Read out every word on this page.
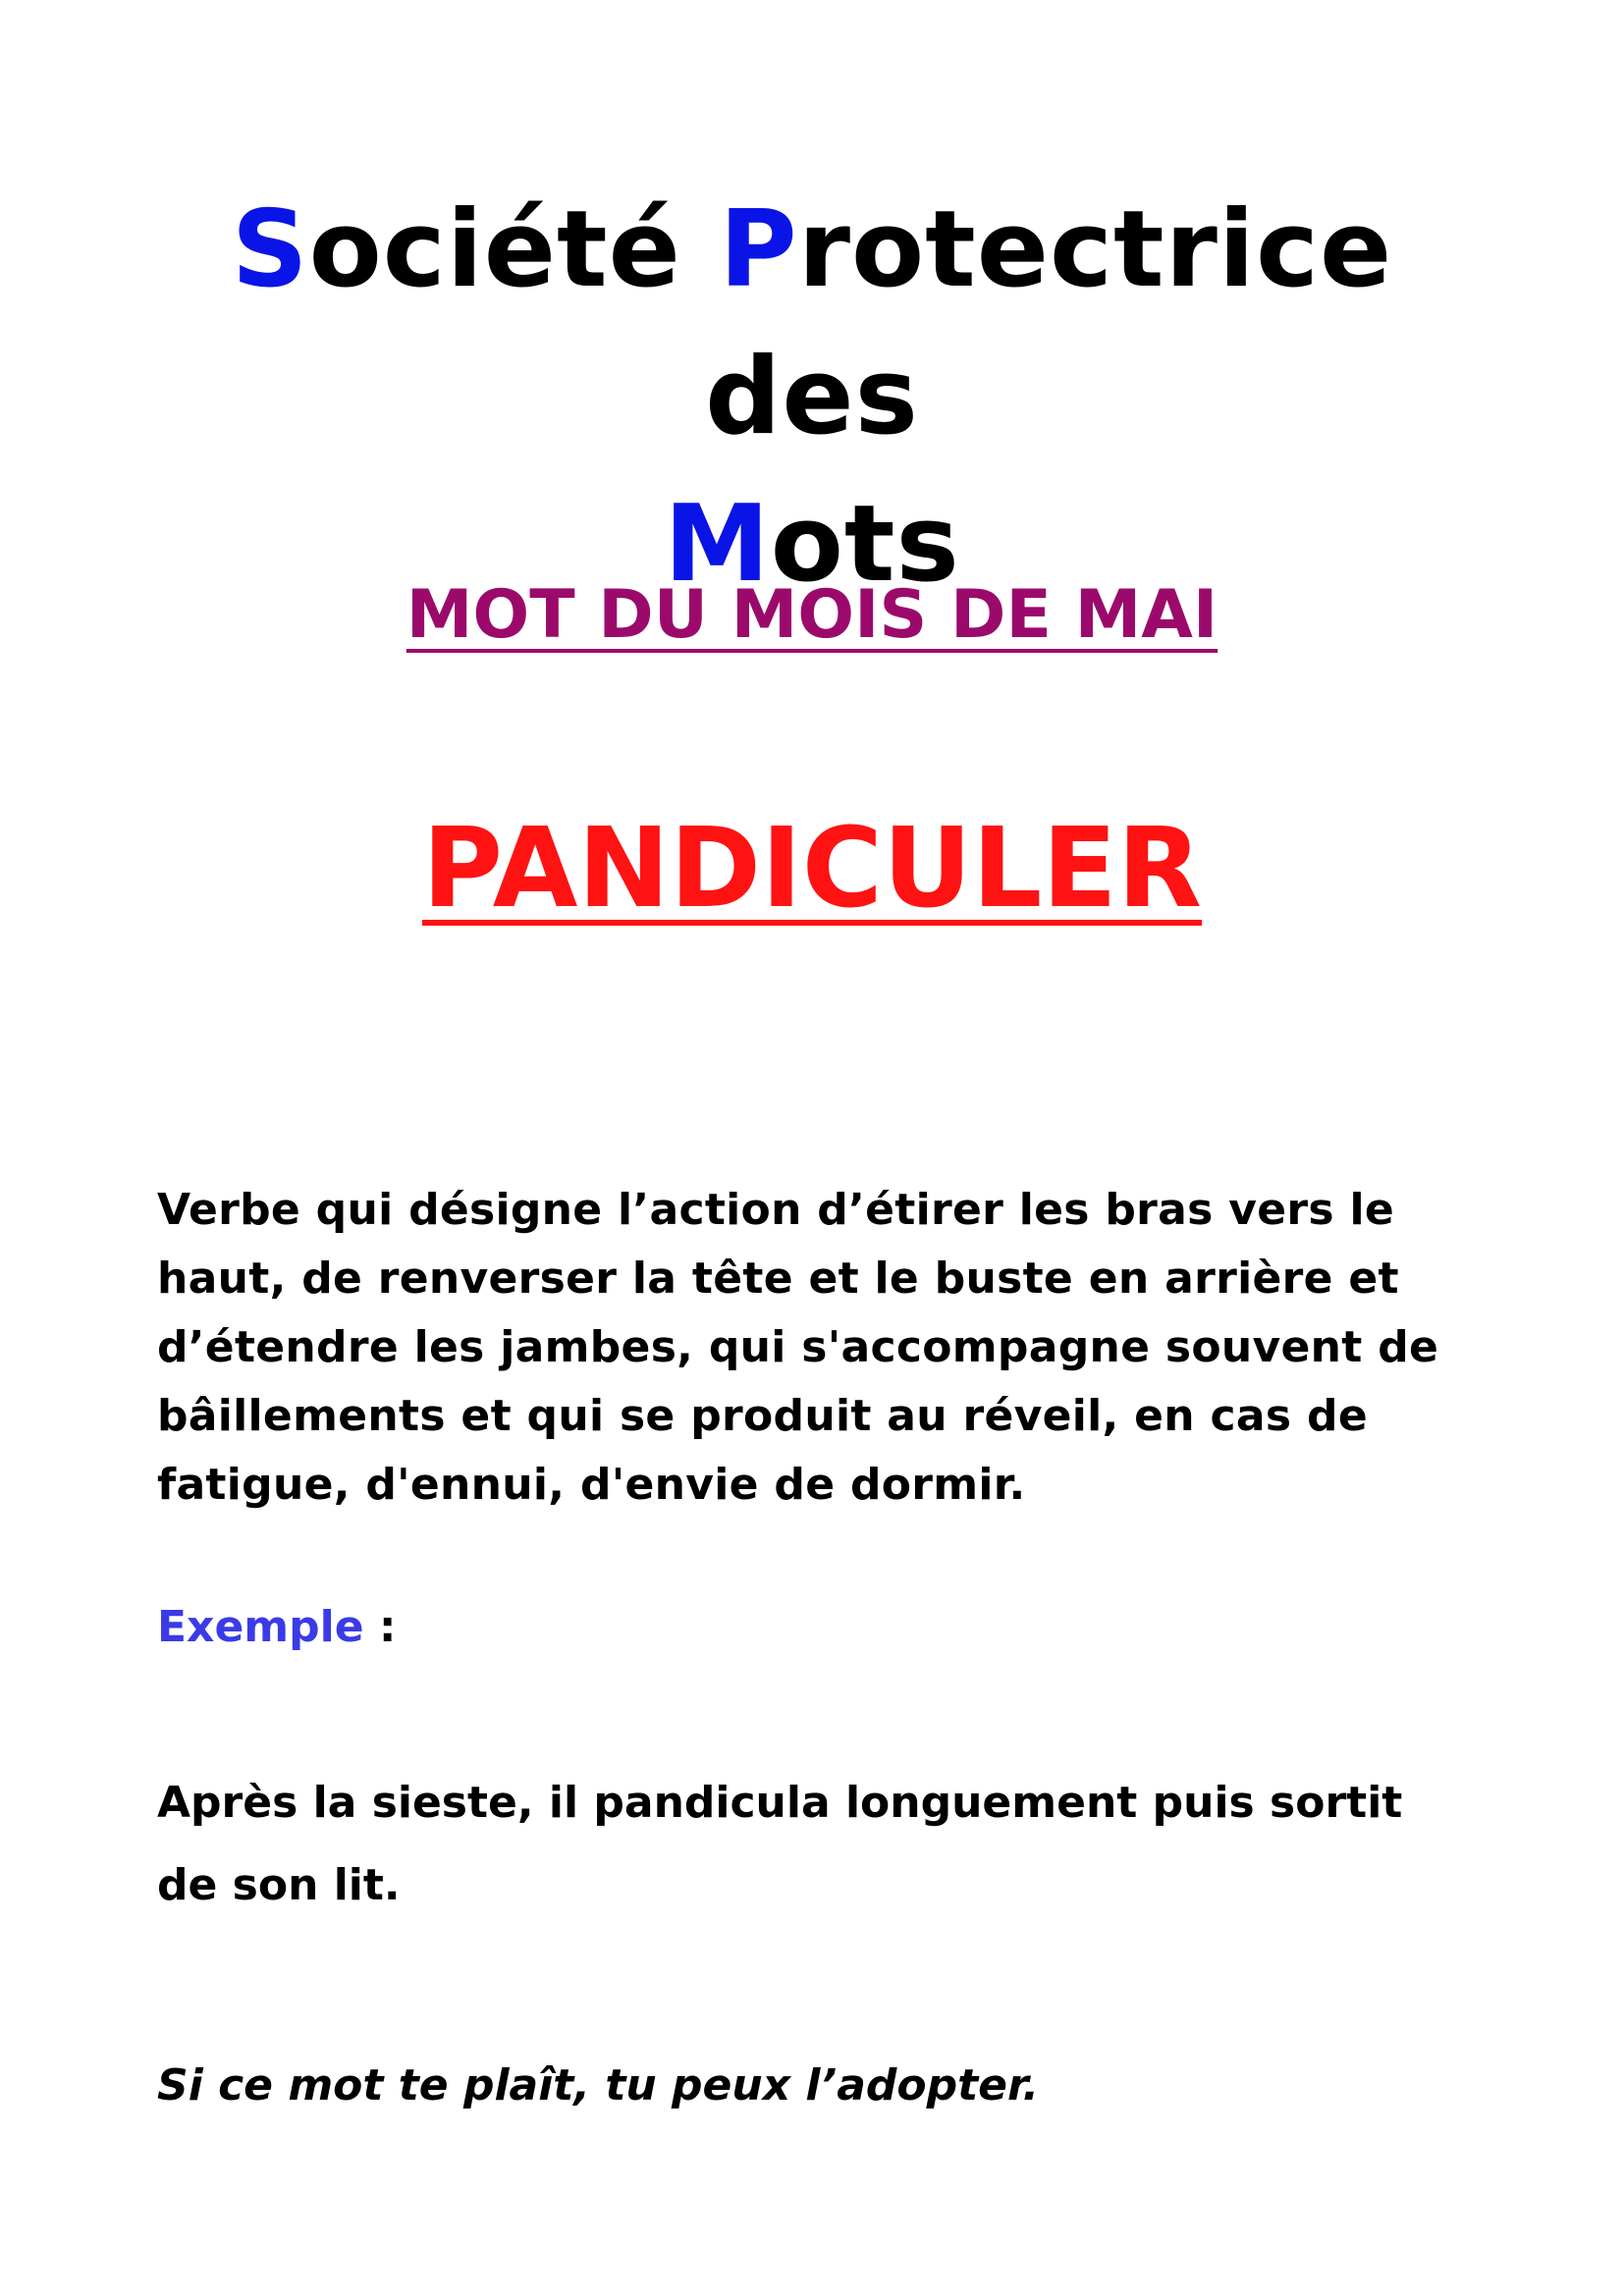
Société Protectrice des
Mots
MOT DU MOIS DE MAI
PANDICULER
Verbe qui désigne l’action d’étirer les bras vers le haut, de renverser la tête et le buste en arrière et d’étendre les jambes, qui s'accompagne souvent de bâillements et qui se produit au réveil, en cas de fatigue, d'ennui, d'envie de dormir.
Exemple :
Après la sieste, il pandicula longuement puis sortit de son lit.
Si ce mot te plaît, tu peux l’adopter.
